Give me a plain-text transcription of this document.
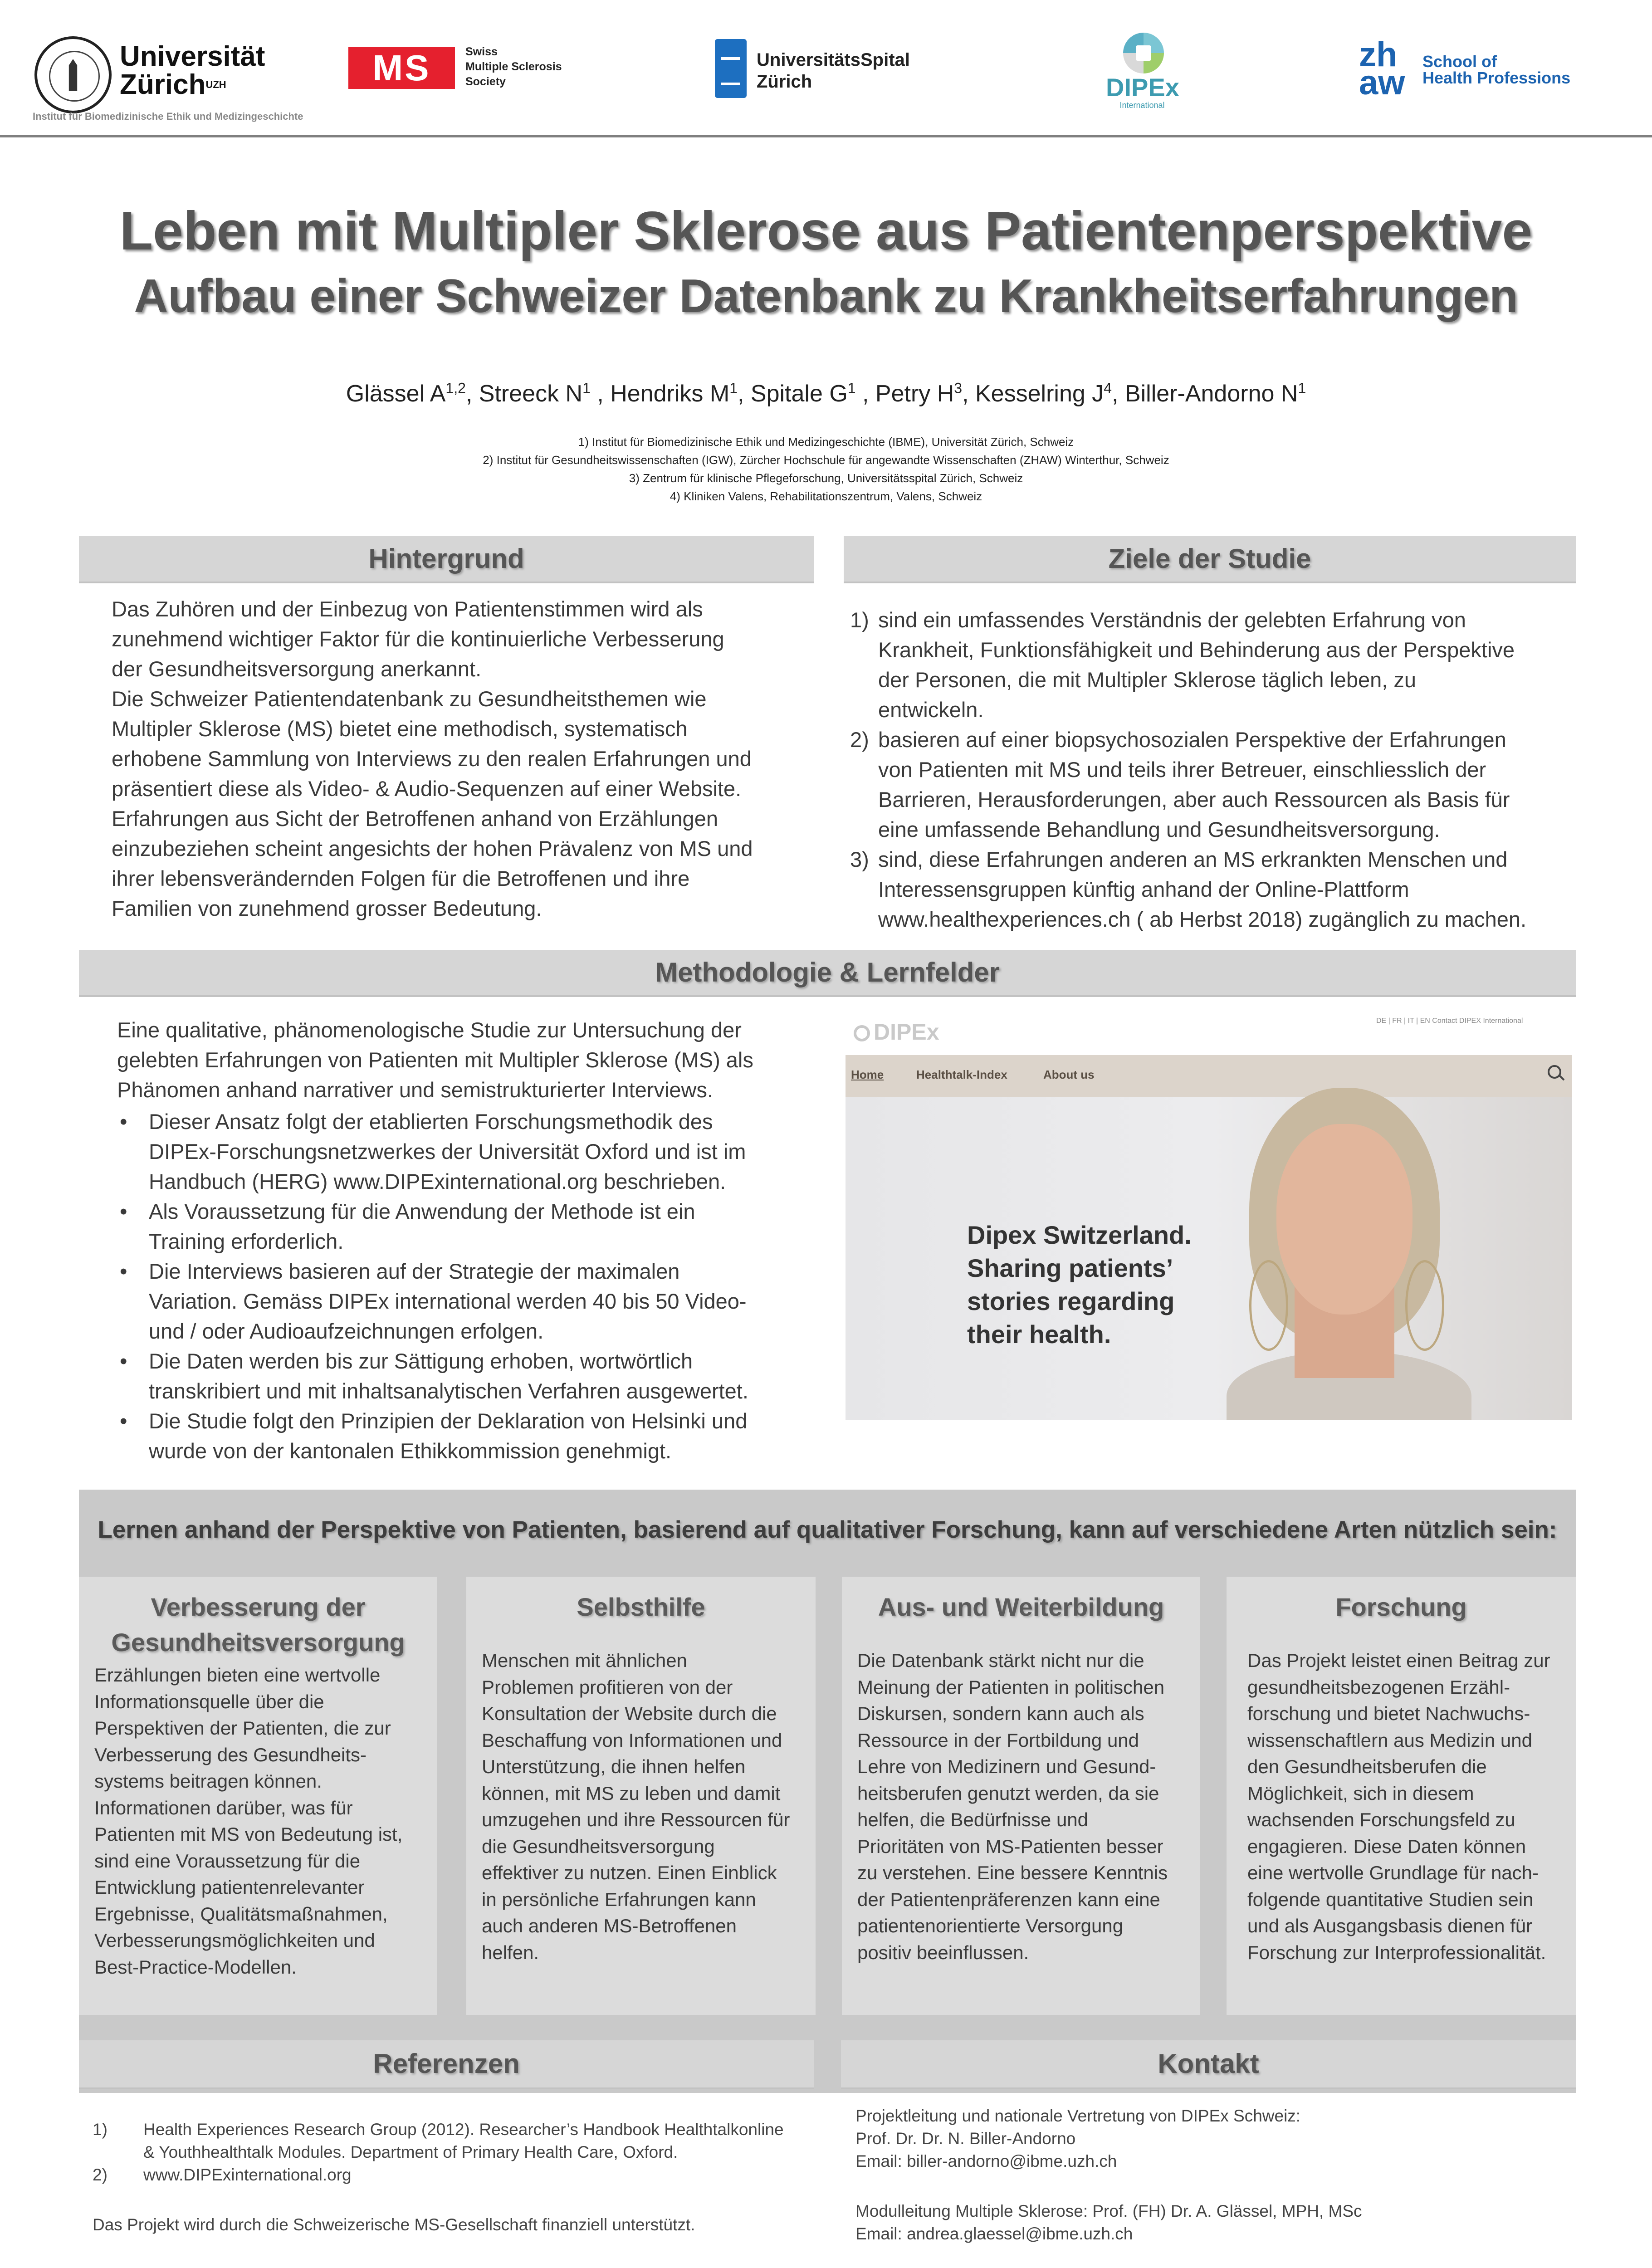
Universität
Zürich$^{UZH}$
Institut für Biomedizinische Ethik und Medizingeschichte
MS	Swiss
Multiple Sclerosis
Society
UniversitätsSpital
Zürich	DIPEx
International
zh
aw
School of
Health Professions
Leben mit Multipler Sklerose aus Patientenperspektive
Aufbau einer Schweizer Datenbank zu Krankheitserfahrungen
Glässel A$^{1,2}$, Streeck $N^1$ , Hendriks $M^1$, Spitale $G^1$ , Petry $H^3$, Kesselring $J^4$, Biller-Andorno $N^1$
1) Institut für Biomedizinische Ethik und Medizingeschichte (IBME), Universität Zürich, Schweiz
2) Institut für Gesundheitswissenschaften (IGW), Zürcher Hochschule für angewandte Wissenschaften (ZHAW) Winterthur, Schweiz
3) Zentrum für klinische Pflegeforschung, Universitätsspital Zürich, Schweiz
4) Kliniken Valens, Rehabilitationszentrum, Valens, Schweiz
Hintergrund
Das Zuhören und der Einbezug von Patientenstimmen wird als
zunehmend wichtiger Faktor für die kontinuierliche Verbesserung
der Gesundheitsversorgung anerkannt.
Die Schweizer Patientendatenbank zu Gesundheitsthemen wie
Multipler Sklerose (MS) bietet eine methodisch, systematisch
erhobene Sammlung von Interviews zu den realen Erfahrungen und
präsentiert diese als Video- & Audio-Sequenzen auf einer Website.
Erfahrungen aus Sicht der Betroffenen anhand von Erzählungen
einzubeziehen scheint angesichts der hohen Prävalenz von MS und
ihrer lebensverändernden Folgen für die Betroffenen und ihre
Familien von zunehmend grosser Bedeutung.
Ziele der Studie
1) sind ein umfassendes Verständnis der gelebten Erfahrung von
Krankheit, Funktionsfähigkeit und Behinderung aus der Perspektive
der Personen, die mit Multipler Sklerose täglich leben, zu
entwickeln.
2) basieren auf einer biopsychosozialen Perspektive der Erfahrungen
von Patienten mit MS und teils ihrer Betreuer, einschliesslich der
Barrieren, Herausforderungen, aber auch Ressourcen als Basis für
eine umfassende Behandlung und Gesundheitsversorgung.
3) sind, diese Erfahrungen anderen an MS erkrankten Menschen und
Interessensgruppen künftig anhand der Online-Plattform
www.healthexperiences.ch ( ab Herbst 2018) zugänglich zu machen.
Methodologie & Lernfelder
Eine qualitative, phänomenologische Studie zur Untersuchung der
gelebten Erfahrungen von Patienten mit Multipler Sklerose (MS) als
Phänomen anhand narrativer und semistrukturierter Interviews.
• Dieser Ansatz folgt der etablierten Forschungsmethodik des
DIPEx-Forschungsnetzwerkes der Universität Oxford und ist im
Handbuch (HERG) www.DIPExinternational.org beschrieben.
• Als Voraussetzung für die Anwendung der Methode ist ein
Training erforderlich.
• Die Interviews basieren auf der Strategie der maximalen
Variation. Gemäss DIPEx international werden 40 bis 50 Video-
und / oder Audioaufzeichnungen erfolgen.
• Die Daten werden bis zur Sättigung erhoben, wortwörtlich
transkribiert und mit inhaltsanalytischen Verfahren ausgewertet.
• Die Studie folgt den Prinzipien der Deklaration von Helsinki und
wurde von der kantonalen Ethikkommission genehmigt.
DIPEx	DE | FR | IT | EN Contact DIPEX International
Home	Healthtalk-Index	About us
Dipex Switzerland.
Sharing patients’
stories regarding
their health.
Lernen anhand der Perspektive von Patienten, basierend auf qualitativer Forschung, kann auf verschiedene Arten nützlich sein:
Verbesserung der
Gesundheitsversorgung
Erzählungen bieten eine wertvolle
Informationsquelle über die
Perspektiven der Patienten, die zur
Verbesserung des Gesundheits-
systems beitragen können.
Informationen darüber, was für
Patienten mit MS von Bedeutung ist,
sind eine Voraussetzung für die
Entwicklung patientenrelevanter
Ergebnisse, Qualitätsmaßnahmen,
Verbesserungsmöglichkeiten und
Best-Practice-Modellen.
Selbsthilfe
Menschen mit ähnlichen
Problemen profitieren von der
Konsultation der Website durch die
Beschaffung von Informationen und
Unterstützung, die ihnen helfen
können, mit MS zu leben und damit
umzugehen und ihre Ressourcen für
die Gesundheitsversorgung
effektiver zu nutzen. Einen Einblick
in persönliche Erfahrungen kann
auch anderen MS-Betroffenen
helfen.
Aus- und Weiterbildung
Die Datenbank stärkt nicht nur die
Meinung der Patienten in politischen
Diskursen, sondern kann auch als
Ressource in der Fortbildung und
Lehre von Medizinern und Gesund-
heitsberufen genutzt werden, da sie
helfen, die Bedürfnisse und
Prioritäten von MS-Patienten besser
zu verstehen. Eine bessere Kenntnis
der Patientenpräferenzen kann eine
patientenorientierte Versorgung
positiv beeinflussen.
Forschung
Das Projekt leistet einen Beitrag zur
gesundheitsbezogenen Erzähl-
forschung und bietet Nachwuchs-
wissenschaftlern aus Medizin und
den Gesundheitsberufen die
Möglichkeit, sich in diesem
wachsenden Forschungsfeld zu
engagieren. Diese Daten können
eine wertvolle Grundlage für nach-
folgende quantitative Studien sein
und als Ausgangsbasis dienen für
Forschung zur Interprofessionalität.
Referenzen
1) Health Experiences Research Group (2012). Researcher’s Handbook Healthtalkonline
& Youthhealthtalk Modules. Department of Primary Health Care, Oxford.
2) www.DIPExinternational.org
Das Projekt wird durch die Schweizerische MS-Gesellschaft finanziell unterstützt.
Kontakt
Projektleitung und nationale Vertretung von DIPEx Schweiz:
Prof. Dr. Dr. N. Biller-Andorno
Email: biller-andorno@ibme.uzh.ch
Modulleitung Multiple Sklerose: Prof. (FH) Dr. A. Glässel, MPH, MSc
Email: andrea.glaessel@ibme.uzh.ch
